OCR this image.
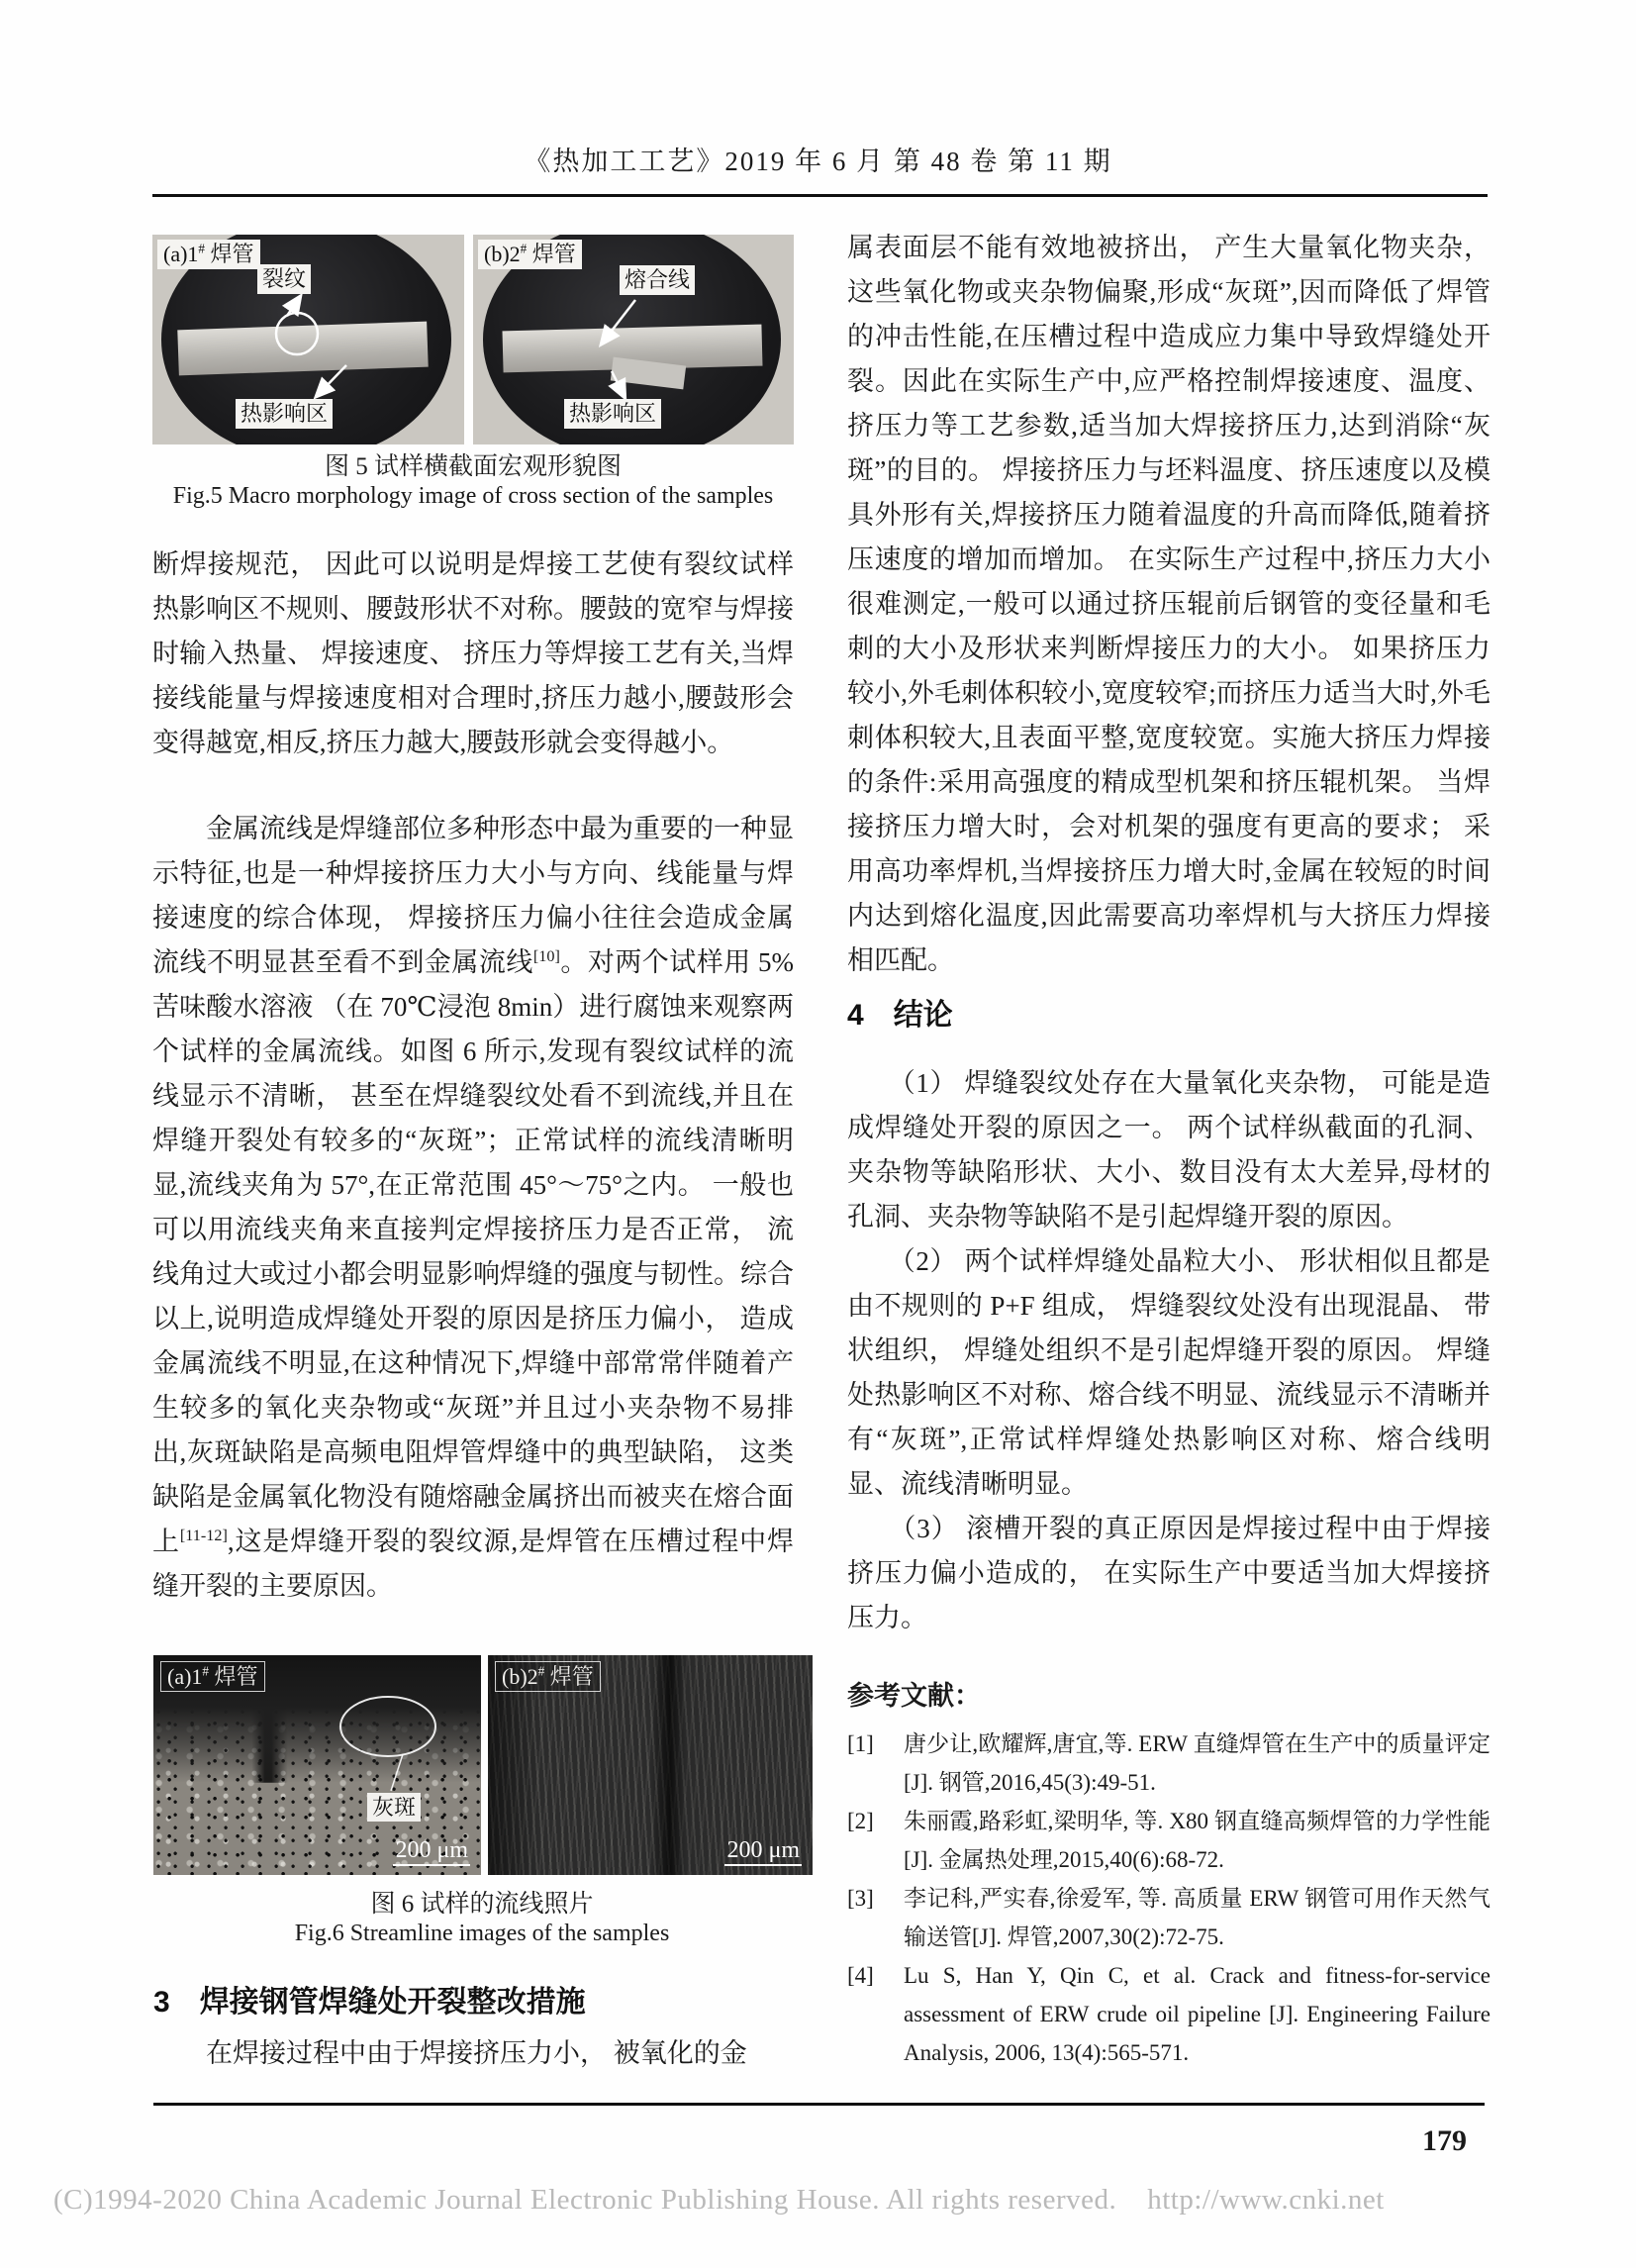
《热加工工艺》2019 年 6 月 第 48 卷 第 11 期
(a)1# 焊管
裂纹
热影响区
(b)2# 焊管
熔合线
热影响区

图 5 试样横截面宏观形貌图

Fig.5 Macro morphology image of cross section of the samples

断焊接规范， 因此可以说明是焊接工艺使有裂纹试样热影响区不规则、腰鼓形状不对称。腰鼓的宽窄与焊接时输入热量、 焊接速度、 挤压力等焊接工艺有关,当焊接线能量与焊接速度相对合理时,挤压力越小,腰鼓形会变得越宽,相反,挤压力越大,腰鼓形就会变得越小。

　　金属流线是焊缝部位多种形态中最为重要的一种显示特征,也是一种焊接挤压力大小与方向、线能量与焊接速度的综合体现， 焊接挤压力偏小往往会造成金属流线不明显甚至看不到金属流线[10]。对两个试样用 5%苦味酸水溶液 （在 70℃浸泡 8min）进行腐蚀来观察两个试样的金属流线。如图 6 所示,发现有裂纹试样的流线显示不清晰， 甚至在焊缝裂纹处看不到流线,并且在焊缝开裂处有较多的“灰斑”；正常试样的流线清晰明显,流线夹角为 57°,在正常范围 45°～75°之内。 一般也可以用流线夹角来直接判定焊接挤压力是否正常， 流线角过大或过小都会明显影响焊缝的强度与韧性。综合以上,说明造成焊缝处开裂的原因是挤压力偏小， 造成金属流线不明显,在这种情况下,焊缝中部常常伴随着产生较多的氧化夹杂物或“灰斑”并且过小夹杂物不易排出,灰斑缺陷是高频电阻焊管焊缝中的典型缺陷， 这类缺陷是金属氧化物没有随熔融金属挤出而被夹在熔合面上[11-12],这是焊缝开裂的裂纹源,是焊管在压槽过程中焊缝开裂的主要原因。

(a)1# 焊管
灰斑
200 μm
(b)2# 焊管
200 μm

图 6 试样的流线照片

Fig.6 Streamline images of the samples

3 焊接钢管焊缝处开裂整改措施

　　在焊接过程中由于焊接挤压力小， 被氧化的金

属表面层不能有效地被挤出， 产生大量氧化物夹杂，这些氧化物或夹杂物偏聚,形成“灰斑”,因而降低了焊管的冲击性能,在压槽过程中造成应力集中导致焊缝处开裂。因此在实际生产中,应严格控制焊接速度、温度、挤压力等工艺参数,适当加大焊接挤压力,达到消除“灰斑”的目的。 焊接挤压力与坯料温度、挤压速度以及模具外形有关,焊接挤压力随着温度的升高而降低,随着挤压速度的增加而增加。 在实际生产过程中,挤压力大小很难测定,一般可以通过挤压辊前后钢管的变径量和毛刺的大小及形状来判断焊接压力的大小。 如果挤压力较小,外毛刺体积较小,宽度较窄;而挤压力适当大时,外毛刺体积较大,且表面平整,宽度较宽。实施大挤压力焊接的条件:采用高强度的精成型机架和挤压辊机架。 当焊接挤压力增大时，会对机架的强度有更高的要求； 采用高功率焊机,当焊接挤压力增大时,金属在较短的时间内达到熔化温度,因此需要高功率焊机与大挤压力焊接相匹配。

4 结论

　　（1） 焊缝裂纹处存在大量氧化夹杂物， 可能是造成焊缝处开裂的原因之一。 两个试样纵截面的孔洞、夹杂物等缺陷形状、大小、数目没有太大差异,母材的孔洞、夹杂物等缺陷不是引起焊缝开裂的原因。

　　（2） 两个试样焊缝处晶粒大小、 形状相似且都是由不规则的 P+F 组成， 焊缝裂纹处没有出现混晶、 带状组织， 焊缝处组织不是引起焊缝开裂的原因。 焊缝处热影响区不对称、熔合线不明显、流线显示不清晰并有“灰斑”,正常试样焊缝处热影响区对称、熔合线明显、流线清晰明显。

　　（3） 滚槽开裂的真正原因是焊接过程中由于焊接挤压力偏小造成的， 在实际生产中要适当加大焊接挤压力。

参考文献：
[1] 唐少让,欧耀辉,唐宜,等. ERW 直缝焊管在生产中的质量评定[J]. 钢管,2016,45(3):49-51.
[2] 朱丽霞,路彩虹,梁明华, 等. X80 钢直缝高频焊管的力学性能[J]. 金属热处理,2015,40(6):68-72.
[3] 李记科,严实春,徐爱军, 等. 高质量 ERW 钢管可用作天然气输送管[J]. 焊管,2007,30(2):72-75.
[4] Lu S, Han Y, Qin C, et al. Crack and fitness-for-service assessment of ERW crude oil pipeline [J]. Engineering Failure Analysis, 2006, 13(4):565-571.
179
(C)1994-2020 China Academic Journal Electronic Publishing House. All rights reserved.    http://www.cnki.net
